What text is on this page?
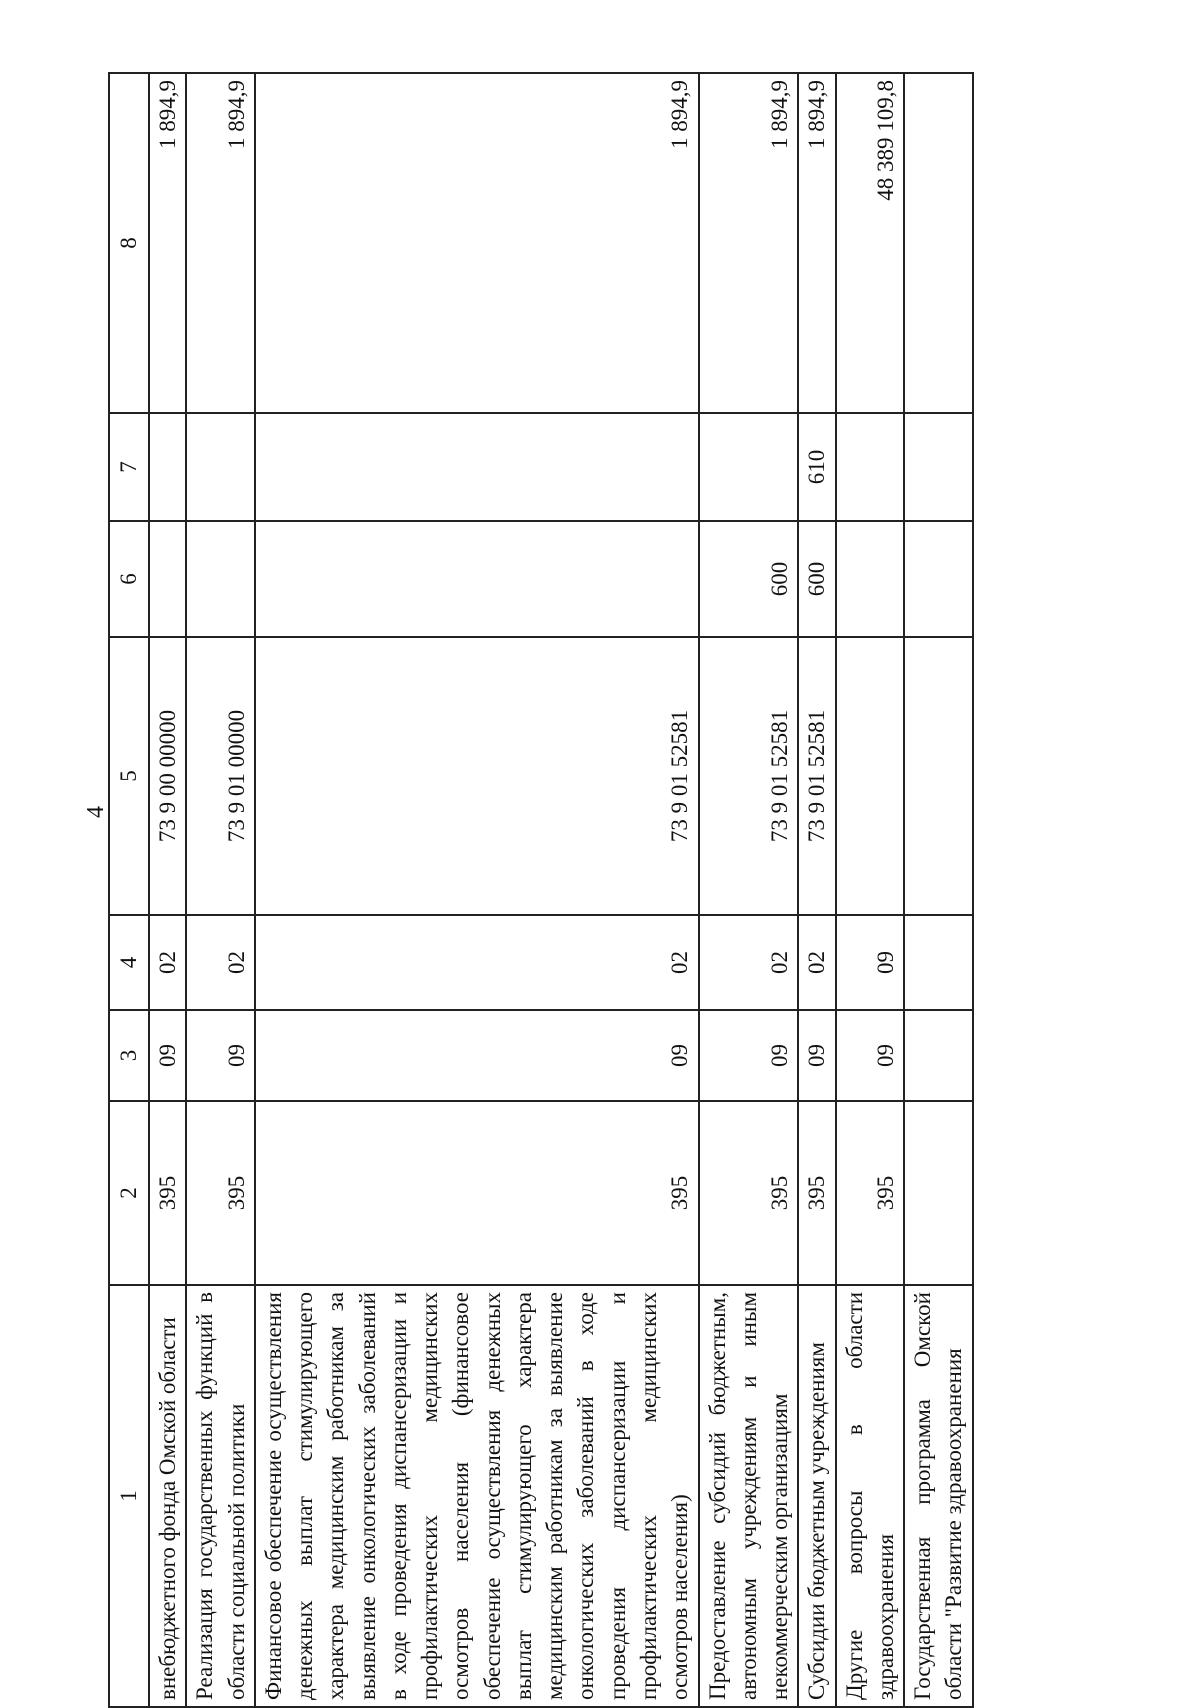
4
1	2	3	4	5	6	7	8
внебюджетного фонда Омской области	395	09	02	73 9 00 00000			1 894,9
Реализация государственных функций в области социальной политики	395	09	02	73 9 01 00000			1 894,9
Финансовое обеспечение осуществления денежных выплат стимулирующего характера медицинским работникам за выявление онкологических заболеваний в ходе проведения диспансеризации и профилактических медицинских осмотров населения (финансовое обеспечение осуществления денежных выплат стимулирующего характера медицинским работникам за выявление онкологических заболеваний в ходе проведения диспансеризации и профилактических медицинских осмотров населения)	395	09	02	73 9 01 52581			1 894,9
Предоставление субсидий бюджетным, автономным учреждениям и иным некоммерческим организациям	395	09	02	73 9 01 52581	600		1 894,9
Субсидии бюджетным учреждениям	395	09	02	73 9 01 52581	600	610	1 894,9
Другие вопросы в области здравоохранения	395	09	09				48 389 109,8
Государственная программа Омской области "Развитие здравоохранения							
